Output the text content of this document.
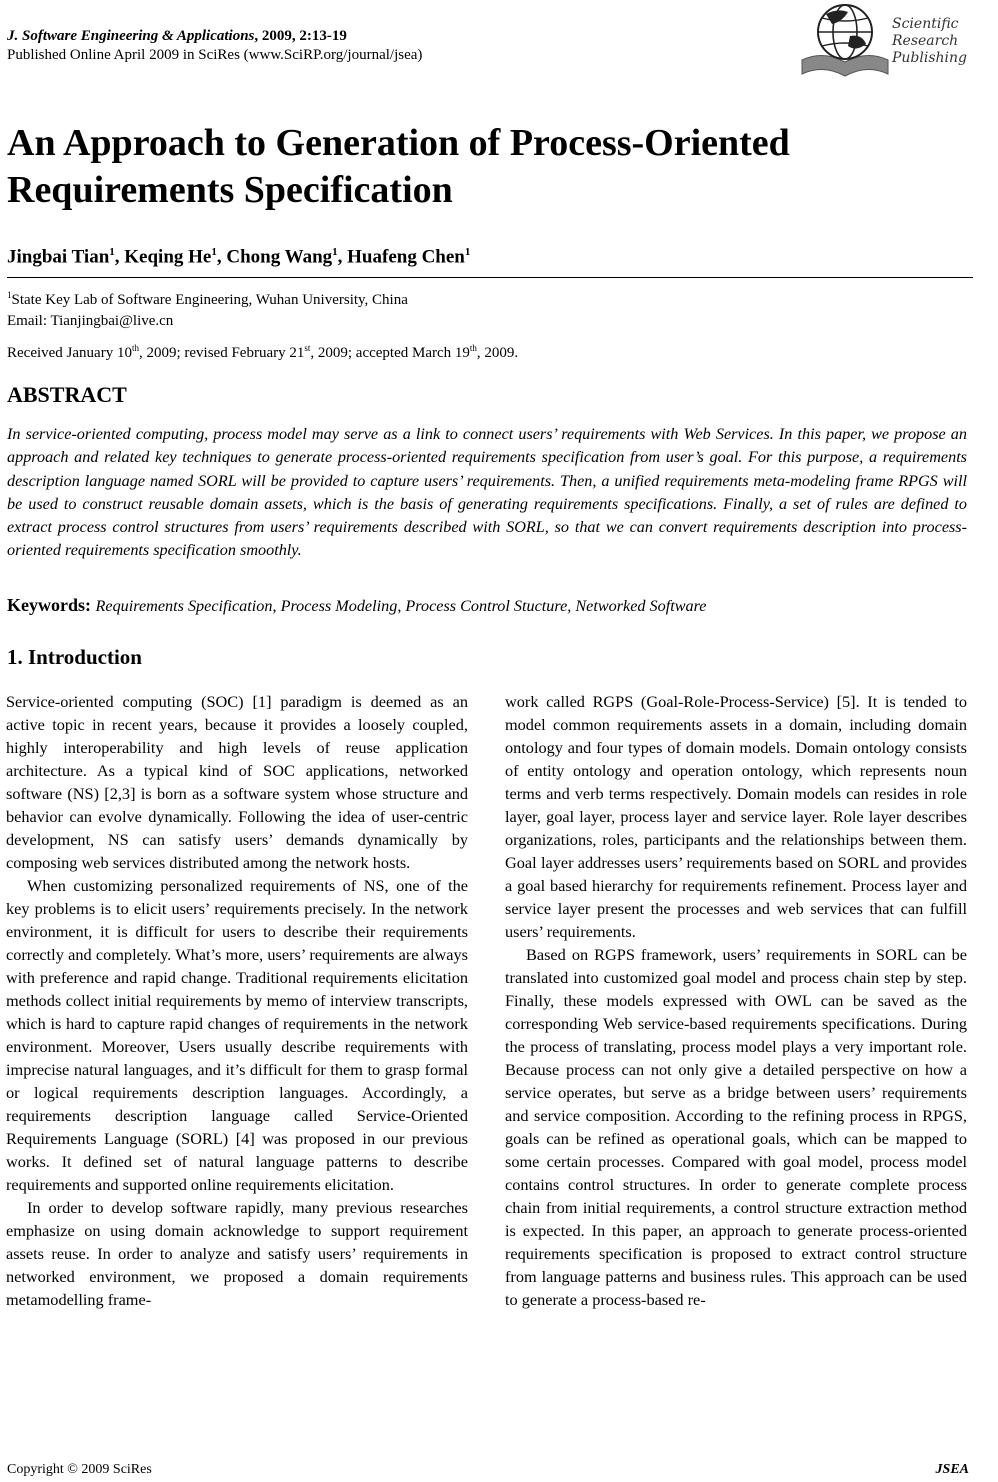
J. Software Engineering & Applications, 2009, 2:13-19
Published Online April 2009 in SciRes (www.SciRP.org/journal/jsea)
Scientific
Research
Publishing
An Approach to Generation of Process-Oriented Requirements Specification
Jingbai Tian$^1$, Keqing He$^1$, Chong Wang$^1$, Huafeng Chen$^1$
$^1$State Key Lab of Software Engineering, Wuhan University, China
Email: Tianjingbai@live.cn
Received January 10th, 2009; revised February 21st, 2009; accepted March 19th, 2009.
ABSTRACT

In service-oriented computing, process model may serve as a link to connect users’ requirements with Web Services. In this paper, we propose an approach and related key techniques to generate process-oriented requirements specification from user’s goal. For this purpose, a requirements description language named SORL will be provided to capture users’ requirements. Then, a unified requirements meta-modeling frame RPGS will be used to construct reusable domain assets, which is the basis of generating requirements specifications. Finally, a set of rules are defined to extract process control structures from users’ requirements described with SORL, so that we can convert requirements description into process-oriented requirements specification smoothly.

Keywords: Requirements Specification, Process Modeling, Process Control Stucture, Networked Software
1. Introduction

Service-oriented computing (SOC) [1] paradigm is deemed as an active topic in recent years, because it provides a loosely coupled, highly interoperability and high levels of reuse application architecture. As a typical kind of SOC applications, networked software (NS) [2,3] is born as a software system whose structure and behavior can evolve dynamically. Following the idea of user-centric development, NS can satisfy users’ demands dynamically by composing web services distributed among the network hosts.

When customizing personalized requirements of NS, one of the key problems is to elicit users’ requirements precisely. In the network environment, it is difficult for users to describe their requirements correctly and completely. What’s more, users’ requirements are always with preference and rapid change. Traditional requirements elicitation methods collect initial requirements by memo of interview transcripts, which is hard to capture rapid changes of requirements in the network environment. Moreover, Users usually describe requirements with imprecise natural languages, and it’s difficult for them to grasp formal or logical requirements description languages. Accordingly, a requirements description language called Service-Oriented Requirements Language (SORL) [4] was proposed in our previous works. It defined set of natural language patterns to describe requirements and supported online requirements elicitation.

In order to develop software rapidly, many previous researches emphasize on using domain acknowledge to support requirement assets reuse. In order to analyze and satisfy users’ requirements in networked environment, we proposed a domain requirements metamodelling frame-

work called RGPS (Goal-Role-Process-Service) [5]. It is tended to model common requirements assets in a domain, including domain ontology and four types of domain models. Domain ontology consists of entity ontology and operation ontology, which represents noun terms and verb terms respectively. Domain models can resides in role layer, goal layer, process layer and service layer. Role layer describes organizations, roles, participants and the relationships between them. Goal layer addresses users’ requirements based on SORL and provides a goal based hierarchy for requirements refinement. Process layer and service layer present the processes and web services that can fulfill users’ requirements.

Based on RGPS framework, users’ requirements in SORL can be translated into customized goal model and process chain step by step. Finally, these models expressed with OWL can be saved as the corresponding Web service-based requirements specifications. During the process of translating, process model plays a very important role. Because process can not only give a detailed perspective on how a service operates, but serve as a bridge between users’ requirements and service composition. According to the refining process in RPGS, goals can be refined as operational goals, which can be mapped to some certain processes. Compared with goal model, process model contains control structures. In order to generate complete process chain from initial requirements, a control structure extraction method is expected. In this paper, an approach to generate process-oriented requirements specification is proposed to extract control structure from language patterns and business rules. This approach can be used to generate a process-based re-

Copyright © 2009 SciRes	JSEA
